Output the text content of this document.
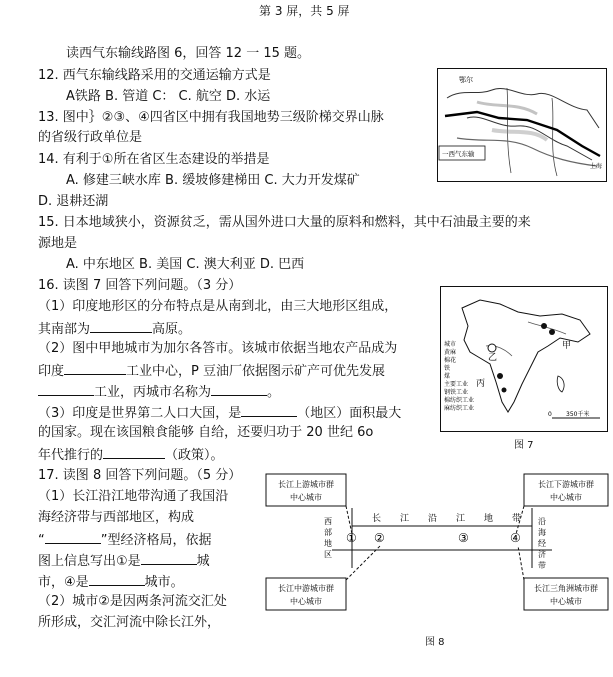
第 3 屏，共 5 屏
读西气东输线路图 6，回答 12 一 15 题。
12. 西气东输线路采用的交通运输方式是
A铁路 B. 管道 C： C. 航空 D. 水运
13. 图中｝②③、④四省区中拥有我国地势三级阶梯交界山脉
的省级行政单位是
14. 有利于①所在省区生态建设的举措是
A. 修建三峡水库 B. 缓坡修建梯田 C. 大力开发煤矿
D. 退耕还湖
15. 日本地域狭小，资源贫乏，需从国外进口大量的原料和燃料，其中石油最主要的来
源地是
A. 中东地区 B. 美国 C. 澳大利亚 D. 巴西
16. 读图 7 回答下列问题。（3 分）
（1）印度地形区的分布特点是从南到北，由三大地形区组成，
其南部为	高原。
（2）图中甲地城市为加尔各答市。该城市依据当地农产品成为
印度	工业中心，P 豆油厂依据图示矿产可优先发展
工业，丙城市名称为	。
（3）印度是世界第二人口大国，是	（地区）面积最大
的国家。现在该国粮食能够 自给，还要归功于 20 世纪 6o
年代推行的	（政策）。
17. 读图 8 回答下列问题。（5 分）
（1）长江沿江地带沟通了我国沿
海经济带与西部地区，构成
“	”型经济格局，依据
图上信息写出①是	城
市，④是	城市。
（2）城市②是因两条河流交汇处
所形成，交汇河流中除长江外，
鄂尔
上海
一西气东输
甲
乙
丙
城市
黄麻
棉花
铁
煤
主要工业
钢铁工业
棉纺织工业
麻纺织工业
0 350千米
图 7
长江上游城市群
中心城市
长江下游城市群
中心城市
长江中游城市群
中心城市
长江三角洲城市群
中心城市
西
部
地
区
沿
海
经
济
带
长 江 沿 江 地 带
① ②	③	④
图 8
